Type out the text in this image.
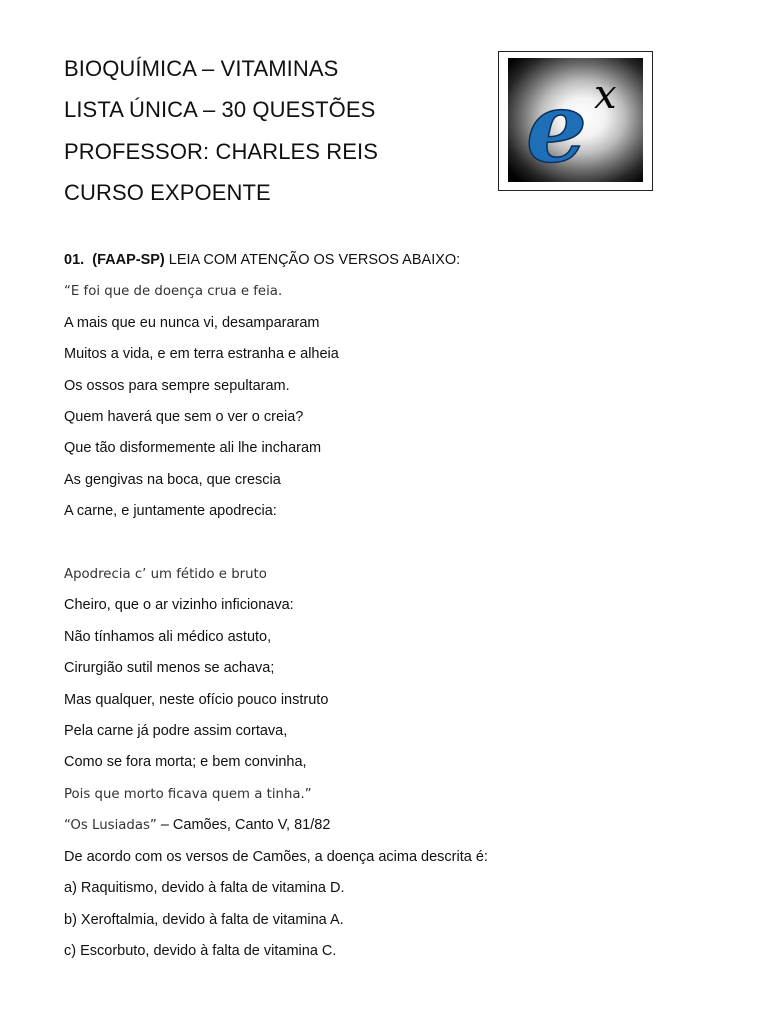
BIOQUÍMICA – VITAMINAS
LISTA ÚNICA – 30 QUESTÕES
PROFESSOR: CHARLES REIS
CURSO EXPOENTE
e x
01. (FAAP-SP) LEIA COM ATENÇÃO OS VERSOS ABAIXO:
“E foi que de doença crua e feia.
A mais que eu nunca vi, desampararam
Muitos a vida, e em terra estranha e alheia
Os ossos para sempre sepultaram.
Quem haverá que sem o ver o creia?
Que tão disformemente ali lhe incharam
As gengivas na boca, que crescia
A carne, e juntamente apodrecia:
Apodrecia c’ um fétido e bruto
Cheiro, que o ar vizinho inficionava:
Não tínhamos ali médico astuto,
Cirurgião sutil menos se achava;
Mas qualquer, neste ofício pouco instruto
Pela carne já podre assim cortava,
Como se fora morta; e bem convinha,
Pois que morto ficava quem a tinha.”
“Os Lusiadas” – Camões, Canto V, 81/82
De acordo com os versos de Camões, a doença acima descrita é:
a) Raquitismo, devido à falta de vitamina D.
b) Xeroftalmia, devido à falta de vitamina A.
c) Escorbuto, devido à falta de vitamina C.
